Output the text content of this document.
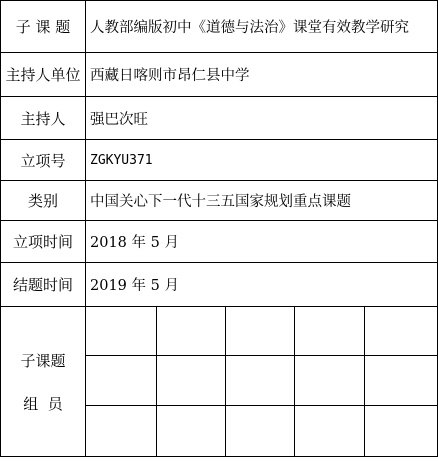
子 课 题	人教部编版初中《道德与法治》课堂有效教学研究
主持人单位 西藏日喀则市昂仁县中学
主持人	强巴次旺
立项号	ZGKYU371
类别	中国关心下一代十三五国家规划重点课题
立项时间	2018 年 5 月
结题时间	2019 年 5 月
子课题
组  员
